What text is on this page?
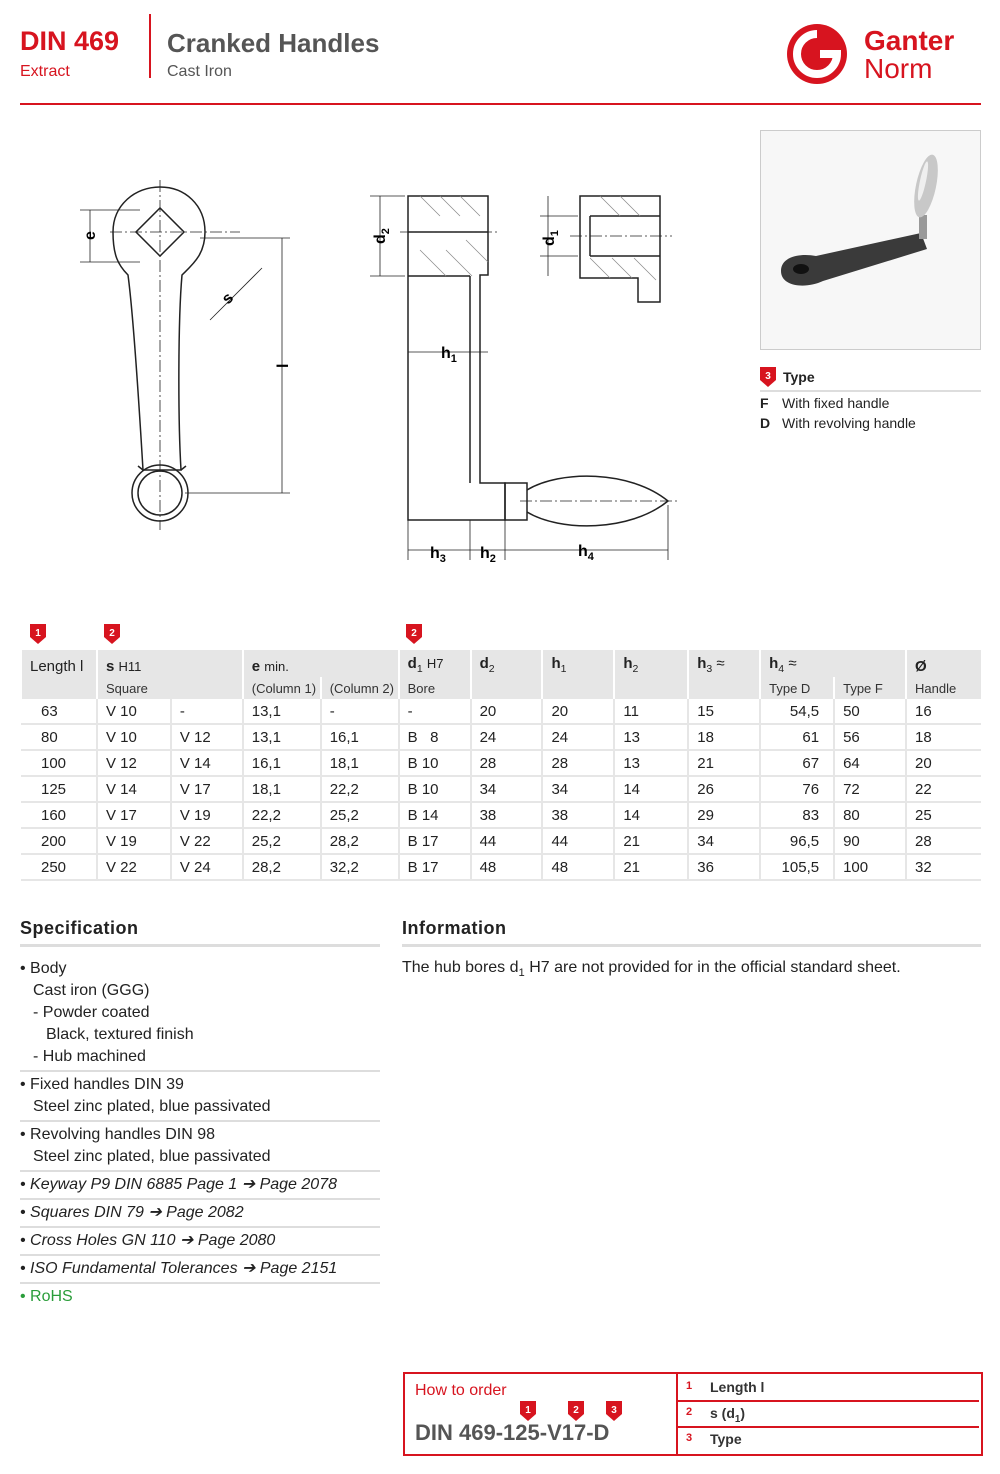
DIN 469
Extract
Cranked Handles
Cast Iron
Ganter
Norm
e
s
l
$d_2$
$h_1$
$h_3$ $h_2$	$h_4$
$d_1$
3 Type
F With fixed handle
D With revolving handle
1	2	2
Length l	s H11		e min.		$d_1$ H7	$d_2$	$h_1$	$h_2$	$h_3$ ≈	$h_4$ ≈		Ø
	Square		(Column 1)	(Column 2)	Bore					Type D	Type F	Handle
63	V 10	-	13,1	-	-	20	20	11	15	54,5	50	16
80	V 10	V 12	13,1	16,1	B   8	24	24	13	18	61	56	18
100	V 12	V 14	16,1	18,1	B 10	28	28	13	21	67	64	20
125	V 14	V 17	18,1	22,2	B 10	34	34	14	26	76	72	22
160	V 17	V 19	22,2	25,2	B 14	38	38	14	29	83	80	25
200	V 19	V 22	25,2	28,2	B 17	44	44	21	34	96,5	90	28
250	V 22	V 24	28,2	32,2	B 17	48	48	21	36	105,5	100	32
Specification
• Body
Cast iron (GGG)
- Powder coated
Black, textured finish
- Hub machined
• Fixed handles DIN 39
Steel zinc plated, blue passivated
• Revolving handles DIN 98
Steel zinc plated, blue passivated
• Keyway P9 DIN 6885 Page 1 ➔ Page 2078
• Squares DIN 79 ➔ Page 2082
• Cross Holes GN 110 ➔ Page 2080
• ISO Fundamental Tolerances ➔ Page 2151
• RoHS
Information
The hub bores $d_1$ H7 are not provided for in the official standard sheet.
How to order
1	2	3
DIN 469-125-V17-D
1 Length l
2 s $(d_1)$
3 Type
